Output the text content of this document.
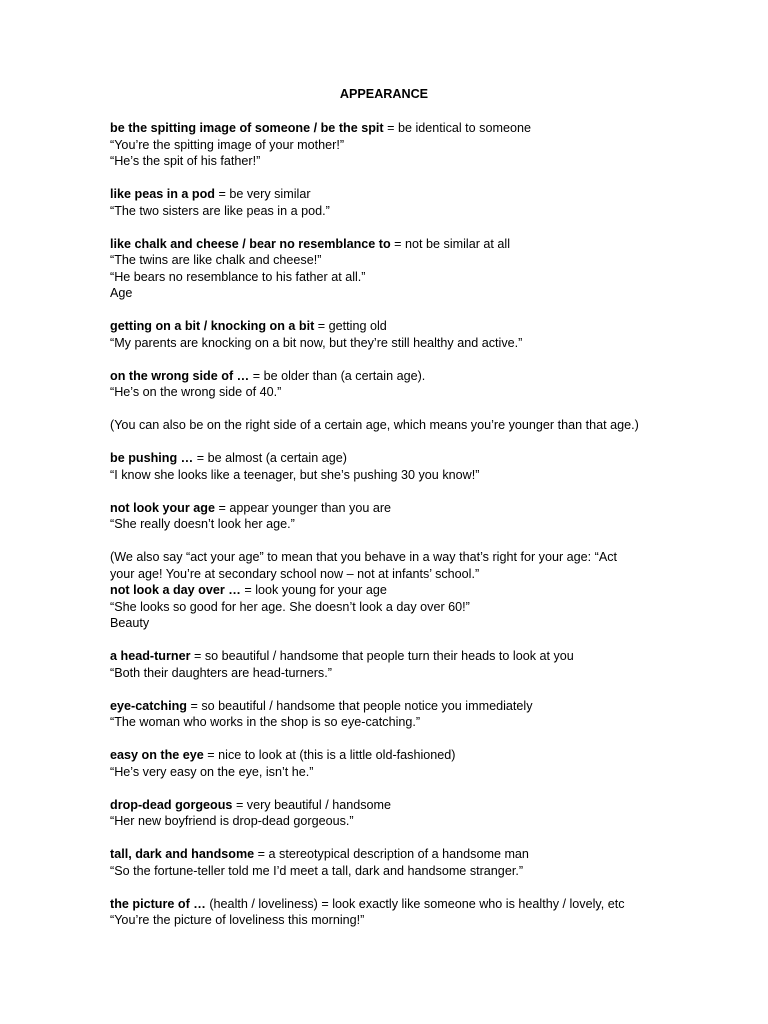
APPEARANCE
be the spitting image of someone / be the spit = be identical to someone
“You’re the spitting image of your mother!”
“He’s the spit of his father!”
like peas in a pod = be very similar
“The two sisters are like peas in a pod.”
like chalk and cheese / bear no resemblance to = not be similar at all
“The twins are like chalk and cheese!”
“He bears no resemblance to his father at all.”
Age
getting on a bit / knocking on a bit = getting old
“My parents are knocking on a bit now, but they’re still healthy and active.”
on the wrong side of … = be older than (a certain age).
“He’s on the wrong side of 40.”
(You can also be on the right side of a certain age, which means you’re younger than that age.)
be pushing … = be almost (a certain age)
“I know she looks like a teenager, but she’s pushing 30 you know!”
not look your age = appear younger than you are
“She really doesn’t look her age.”
(We also say “act your age” to mean that you behave in a way that’s right for your age: “Act
your age! You’re at secondary school now – not at infants’ school.”
not look a day over … = look young for your age
“She looks so good for her age. She doesn’t look a day over 60!”
Beauty
a head-turner = so beautiful / handsome that people turn their heads to look at you
“Both their daughters are head-turners.”
eye-catching = so beautiful / handsome that people notice you immediately
“The woman who works in the shop is so eye-catching.”
easy on the eye = nice to look at (this is a little old-fashioned)
“He’s very easy on the eye, isn’t he.”
drop-dead gorgeous = very beautiful / handsome
“Her new boyfriend is drop-dead gorgeous.”
tall, dark and handsome = a stereotypical description of a handsome man
“So the fortune-teller told me I’d meet a tall, dark and handsome stranger.”
the picture of … (health / loveliness) = look exactly like someone who is healthy / lovely, etc
“You’re the picture of loveliness this morning!”
